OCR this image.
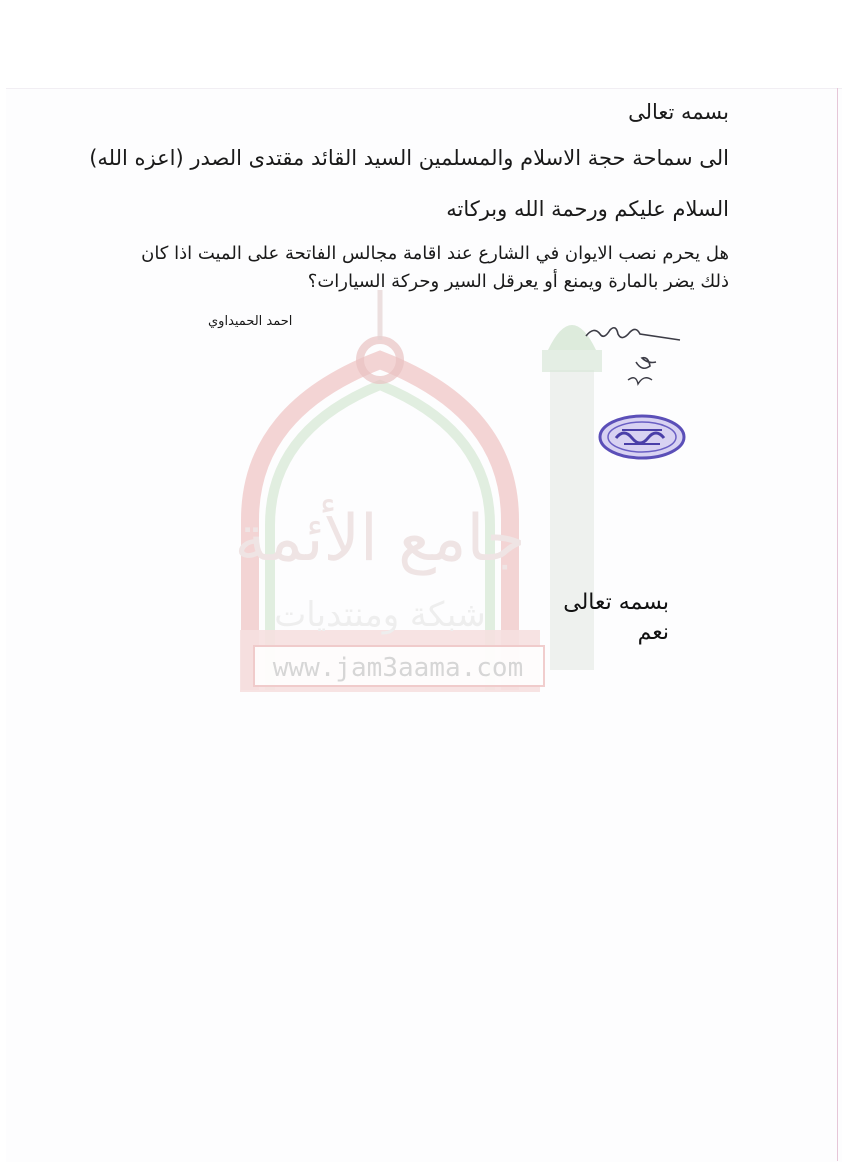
www.jam3aama.com
جامع الأئمة
شبكة ومنتديات
بسمه تعالى
الى سماحة حجة الاسلام والمسلمين السيد القائد مقتدى الصدر (اعزه الله)
السلام عليكم ورحمة الله وبركاته
هل يحرم نصب الايوان في الشارع عند اقامة مجالس الفاتحة على الميت اذا كان ذلك يضر بالمارة ويمنع أو يعرقل السير وحركة السيارات؟
احمد الحميداوي
بسمه تعالى
نعم
